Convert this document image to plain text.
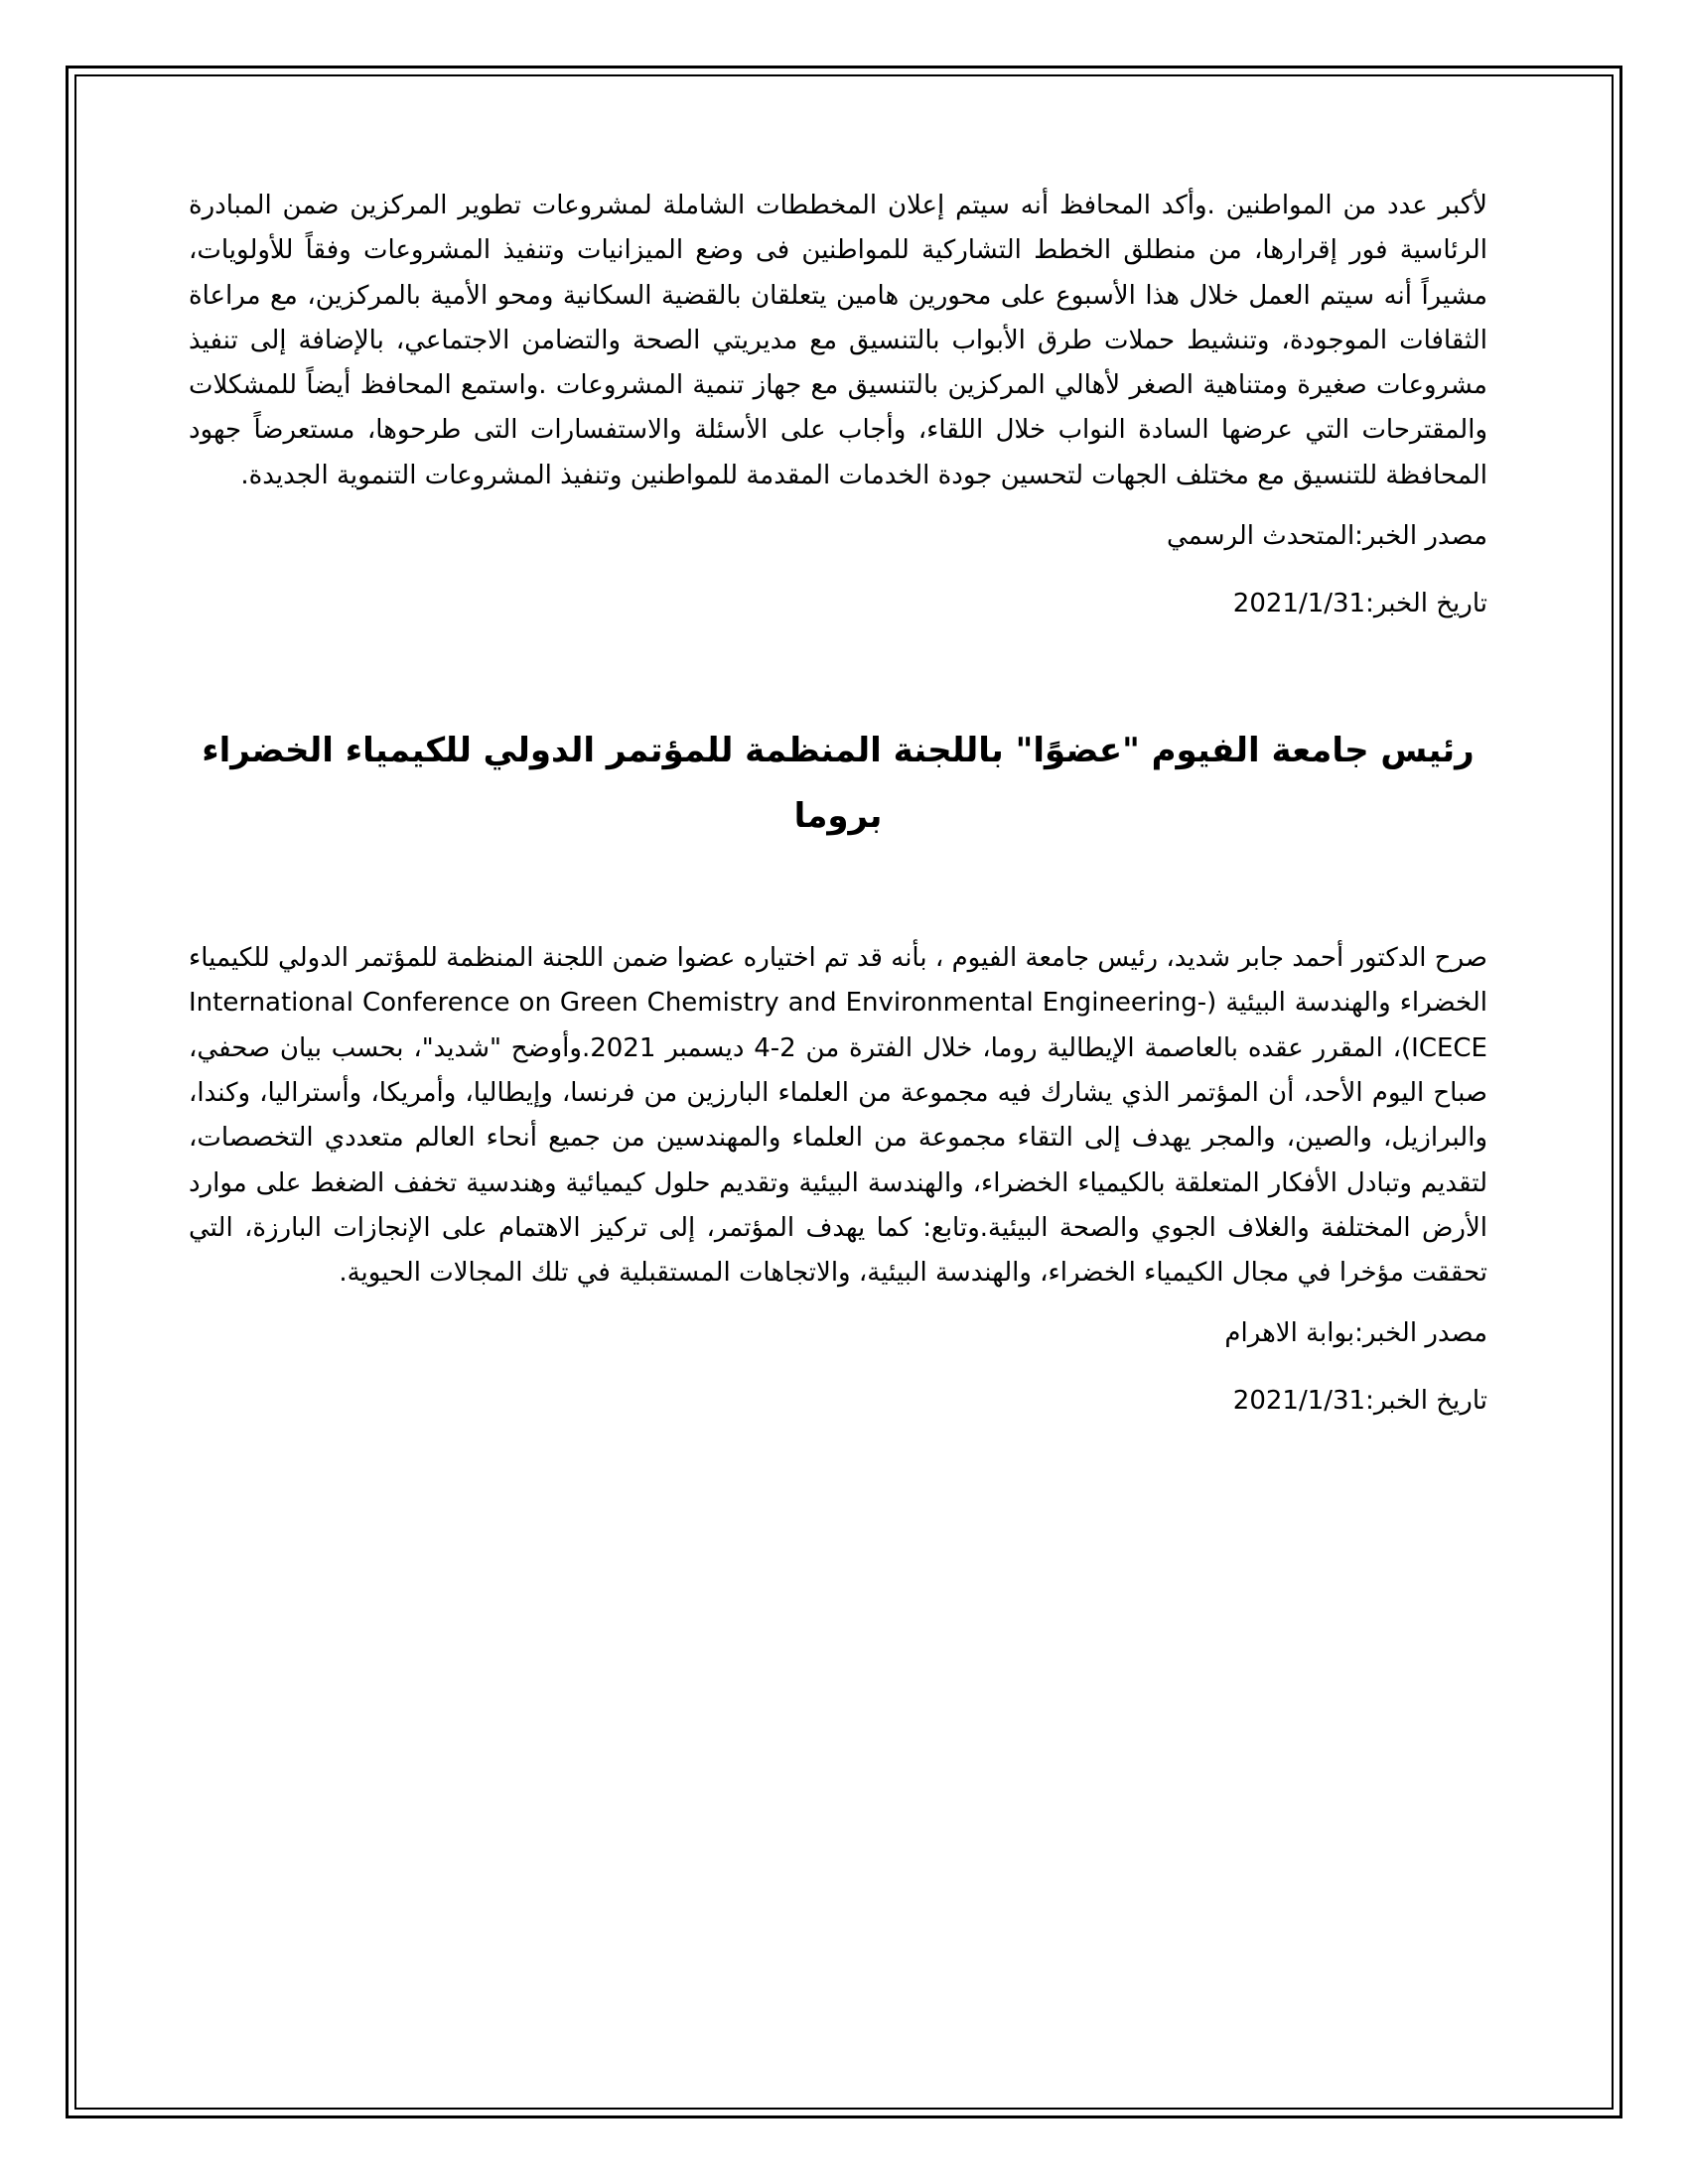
لأكبر عدد من المواطنين .وأكد المحافظ أنه سيتم إعلان المخططات الشاملة لمشروعات تطوير المركزين ضمن المبادرة الرئاسية فور إقرارها، من منطلق الخطط التشاركية للمواطنين فى وضع الميزانيات وتنفيذ المشروعات وفقاً للأولويات، مشيراً أنه سيتم العمل خلال هذا الأسبوع على محورين هامين يتعلقان بالقضية السكانية ومحو الأمية بالمركزين، مع مراعاة الثقافات الموجودة، وتنشيط حملات طرق الأبواب بالتنسيق مع مديريتي الصحة والتضامن الاجتماعي، بالإضافة إلى تنفيذ مشروعات صغيرة ومتناهية الصغر لأهالي المركزين بالتنسيق مع جهاز تنمية المشروعات .واستمع المحافظ أيضاً للمشكلات والمقترحات التي عرضها السادة النواب خلال اللقاء، وأجاب على الأسئلة والاستفسارات التى طرحوها، مستعرضاً جهود المحافظة للتنسيق مع مختلف الجهات لتحسين جودة الخدمات المقدمة للمواطنين وتنفيذ المشروعات التنموية الجديدة.

مصدر الخبر:المتحدث الرسمي

تاريخ الخبر:2021/1/31

رئيس جامعة الفيوم "عضوًا" باللجنة المنظمة للمؤتمر الدولي للكيمياء الخضراء بروما

صرح الدكتور أحمد جابر شديد، رئيس جامعة الفيوم ، بأنه قد تم اختياره عضوا ضمن اللجنة المنظمة للمؤتمر الدولي للكيمياء الخضراء والهندسة البيئية (International Conference on Green Chemistry and Environmental Engineering- ICECE)، المقرر عقده بالعاصمة الإيطالية روما، خلال الفترة من 2-4 ديسمبر 2021.وأوضح "شديد"، بحسب بيان صحفي، صباح اليوم الأحد، أن المؤتمر الذي يشارك فيه مجموعة من العلماء البارزين من فرنسا، وإيطاليا، وأمريكا، وأستراليا، وكندا، والبرازيل، والصين، والمجر يهدف إلى التقاء مجموعة من العلماء والمهندسين من جميع أنحاء العالم متعددي التخصصات، لتقديم وتبادل الأفكار المتعلقة بالكيمياء الخضراء، والهندسة البيئية وتقديم حلول كيميائية وهندسية تخفف الضغط على موارد الأرض المختلفة والغلاف الجوي والصحة البيئية.وتابع: كما يهدف المؤتمر، إلى تركيز الاهتمام على الإنجازات البارزة، التي تحققت مؤخرا في مجال الكيمياء الخضراء، والهندسة البيئية، والاتجاهات المستقبلية في تلك المجالات الحيوية.

مصدر الخبر:بوابة الاهرام

تاريخ الخبر:2021/1/31
